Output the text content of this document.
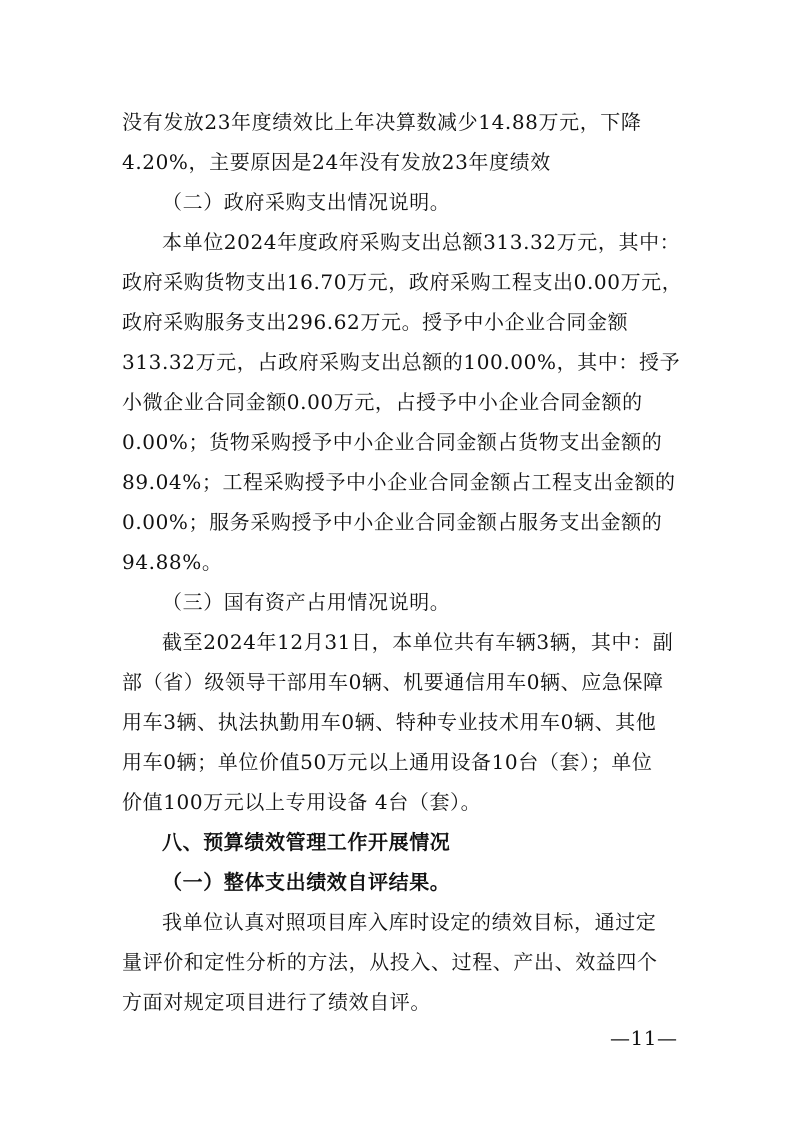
没有发放23年度绩效比上年决算数减少14.88万元，下降
4.20%，主要原因是24年没有发放23年度绩效
（二）政府采购支出情况说明。
本单位2024年度政府采购支出总额313.32万元，其中：
政府采购货物支出16.70万元，政府采购工程支出0.00万元，
政府采购服务支出296.62万元。授予中小企业合同金额
313.32万元，占政府采购支出总额的100.00%，其中：授予
小微企业合同金额0.00万元，占授予中小企业合同金额的
0.00%；货物采购授予中小企业合同金额占货物支出金额的
89.04%；工程采购授予中小企业合同金额占工程支出金额的
0.00%；服务采购授予中小企业合同金额占服务支出金额的
94.88%。
（三）国有资产占用情况说明。
截至2024年12月31日，本单位共有车辆3辆，其中：副
部（省）级领导干部用车0辆、机要通信用车0辆、应急保障
用车3辆、执法执勤用车0辆、特种专业技术用车0辆、其他
用车0辆；单位价值50万元以上通用设备10台（套）；单位
价值100万元以上专用设备 4台（套）。
八、预算绩效管理工作开展情况
（一）整体支出绩效自评结果。
我单位认真对照项目库入库时设定的绩效目标，通过定
量评价和定性分析的方法，从投入、过程、产出、效益四个
方面对规定项目进行了绩效自评。
—11—
